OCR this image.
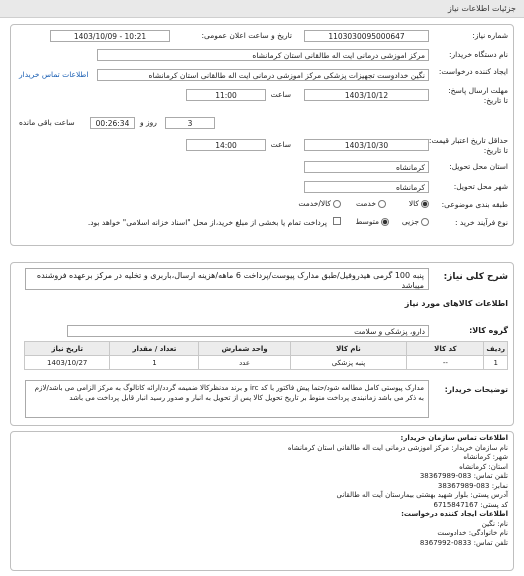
جزئیات اطلاعات نیاز
شماره نیاز:
1103030095000647
تاریخ و ساعت اعلان عمومی:
1403/10/09 - 10:21
نام دستگاه خریدار:
مرکز اموزشی درمانی ایت اله طالقانی استان کرمانشاه
ایجاد کننده درخواست:
نگین خدادوست تجهیزات پزشکی مرکز اموزشی درمانی ایت اله طالقانی استان کرمانشاه
اطلاعات تماس خریدار
مهلت ارسال پاسخ:
تا تاریخ:
1403/10/12
ساعت
11:00
3
حداقل تاریخ اعتبار قیمت:
تا تاریخ:
1403/10/30
ساعت
14:00
استان محل تحویل:
کرمانشاه
شهر محل تحویل:
کرمانشاه
طبقه بندی موضوعی:
کالا
خدمت
کالا/خدمت
نوع فرآیند خرید :
جزیی
متوسط
پرداخت تمام یا بخشی از مبلغ خرید،از محل "اسناد خزانه اسلامی" خواهد بود.
شرح کلی نیاز:
پنبه 100 گرمی هیدروفیل/طبق مدارک پیوست/پرداخت 6 ماهه/هزینه ارسال،باربری و تخلیه در مرکز برعهده فروشنده میباشد
اطلاعات کالاهای مورد نیاز
گروه کالا:
دارو، پزشکی و سلامت
ردیف	کد کالا	نام کالا	واحد شمارش	تعداد / مقدار	تاریخ نیاز
1	--	پنبه پزشکی	عدد	1	1403/10/27
توضیحات خریدار:
مدارک پیوستی کامل مطالعه شود/حتما پیش فاکتور با کد irc و برند مدنظرکالا ضمیمه گردد/ارائه کاتالوگ به مرکز الزامی می باشد/لازم به ذکر می باشد زمانبندی پرداخت منوط بر تاریخ تحویل کالا پس از تحویل به انبار و صدور رسید انبار قابل پرداخت می باشد
اطلاعات تماس سازمان خریدار:
نام سازمان خریدار: مرکز اموزشی درمانی ایت اله طالقانی استان کرمانشاه
شهر: کرمانشاه
استان: کرمانشاه
تلفن تماس: 083-38367989
نمابر: 083-38367989
آدرس پستی: بلوار شهید بهشتی بیمارستان آیت اله طالقانی
کد پستی: 6715847167
اطلاعات ایجاد کننده درخواست:
نام: نگین
نام خانوادگی: خدادوست
تلفن تماس: 0833-8367992
ساعت باقی مانده	00:26:34	روز و
